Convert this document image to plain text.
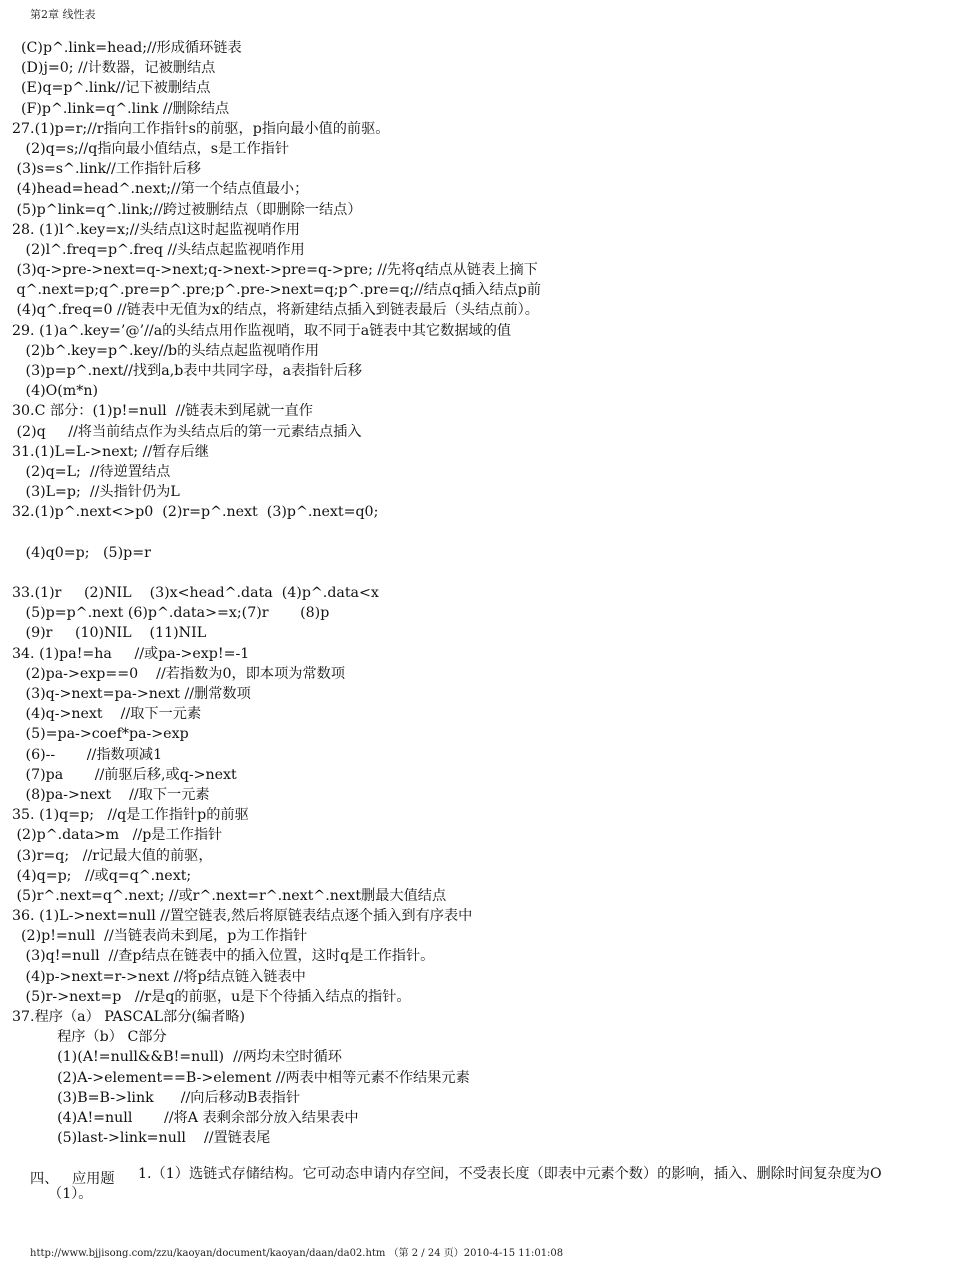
第2章 线性表
(C)p^.link=head;//形成循环链表
(D)j=0; //计数器，记被删结点
(E)q=p^.link//记下被删结点
(F)p^.link=q^.link //删除结点
27.(1)p=r;//r指向工作指针s的前驱，p指向最小值的前驱。
(2)q=s;//q指向最小值结点，s是工作指针
(3)s=s^.link//工作指针后移
(4)head=head^.next;//第一个结点值最小；
(5)p^link=q^.link;//跨过被删结点（即删除一结点）
28. (1)l^.key=x;//头结点l这时起监视哨作用
(2)l^.freq=p^.freq //头结点起监视哨作用
(3)q->pre->next=q->next;q->next->pre=q->pre; //先将q结点从链表上摘下
q^.next=p;q^.pre=p^.pre;p^.pre->next=q;p^.pre=q;//结点q插入结点p前
(4)q^.freq=0 //链表中无值为x的结点，将新建结点插入到链表最后（头结点前）。
29. (1)a^.key=’@’//a的头结点用作监视哨，取不同于a链表中其它数据域的值
(2)b^.key=p^.key//b的头结点起监视哨作用
(3)p=p^.next//找到a,b表中共同字母，a表指针后移
(4)O(m*n)
30.C 部分：(1)p!=null  //链表未到尾就一直作
(2)q     //将当前结点作为头结点后的第一元素结点插入
31.(1)L=L->next; //暂存后继
(2)q=L;  //待逆置结点
(3)L=p;  //头指针仍为L
32.(1)p^.next<>p0  (2)r=p^.next  (3)p^.next=q0;
(4)q0=p;   (5)p=r
33.(1)r     (2)NIL    (3)x<head^.data  (4)p^.data<x
(5)p=p^.next (6)p^.data>=x;(7)r       (8)p
(9)r     (10)NIL    (11)NIL
34. (1)pa!=ha     //或pa->exp!=-1
(2)pa->exp==0    //若指数为0，即本项为常数项
(3)q->next=pa->next //删常数项
(4)q->next    //取下一元素
(5)=pa->coef*pa->exp
(6)--       //指数项减1
(7)pa       //前驱后移,或q->next
(8)pa->next    //取下一元素
35. (1)q=p;   //q是工作指针p的前驱
(2)p^.data>m   //p是工作指针
(3)r=q;   //r记最大值的前驱，
(4)q=p;   //或q=q^.next;
(5)r^.next=q^.next; //或r^.next=r^.next^.next删最大值结点
36. (1)L->next=null //置空链表,然后将原链表结点逐个插入到有序表中
(2)p!=null  //当链表尚未到尾，p为工作指针
(3)q!=null  //查p结点在链表中的插入位置，这时q是工作指针。
(4)p->next=r->next //将p结点链入链表中
(5)r->next=p   //r是q的前驱，u是下个待插入结点的指针。
37.程序（a） PASCAL部分(编者略)
程序（b） C部分
(1)(A!=null&&B!=null)  //两均未空时循环
(2)A->element==B->element //两表中相等元素不作结果元素
(3)B=B->link      //向后移动B表指针
(4)A!=null       //将A 表剩余部分放入结果表中
(5)last->link=null    //置链表尾
四、   应用题	1.（1）选链式存储结构。它可动态申请内存空间，不受表长度（即表中元素个数）的影响，插入、删除时间复杂度为O（1）。
http://www.bjjisong.com/zzu/kaoyan/document/kaoyan/daan/da02.htm （第 2 / 24 页）2010-4-15 11:01:08
